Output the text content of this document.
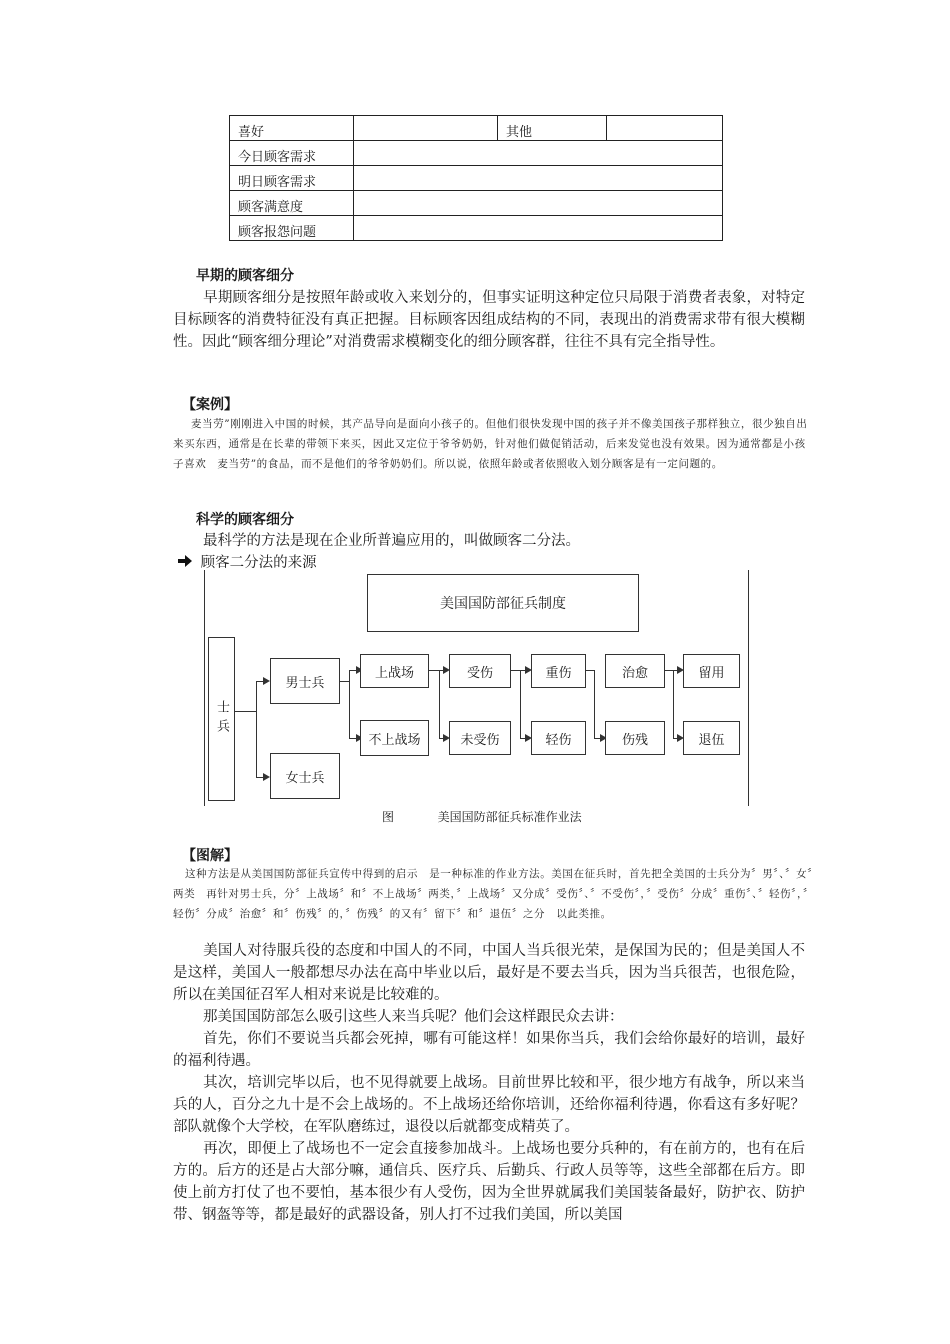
喜好		其他	
今日顾客需求			
明日顾客需求			
顾客满意度			
顾客报怨问题			
早期的顾客细分
早期顾客细分是按照年龄或收入来划分的，但事实证明这种定位只局限于消费者表象，对特定目标顾客的消费特征没有真正把握。目标顾客因组成结构的不同，表现出的消费需求带有很大模糊性。因此“顾客细分理论”对消费需求模糊变化的细分顾客群，往往不具有完全指导性。
【案例】
麦当劳”刚刚进入中国的时候，其产品导向是面向小孩子的。但他们很快发现中国的孩子并不像美国孩子那样独立，很少独自出来买东西，通常是在长辈的带领下来买，因此又定位于爷爷奶奶，针对他们做促销活动，后来发觉也没有效果。因为通常都是小孩子喜欢　麦当劳”的食品，而不是他们的爷爷奶奶们。所以说，依照年龄或者依照收入划分顾客是有一定问题的。
科学的顾客细分
最科学的方法是现在企业所普遍应用的，叫做顾客二分法。
顾客二分法的来源
美国国防部征兵制度
士兵
男士兵
女士兵
上战场
不上战场
受伤
未受伤
重伤
轻伤
治愈
伤残
留用
退伍
图	美国国防部征兵标准作业法
【图解】
这种方法是从美国国防部征兵宣传中得到的启示　是一种标准的作业方法。美国在征兵时，首先把全美国的士兵分为〞男〞、〞女〞两类　再针对男士兵，分〞上战场〞和〞不上战场〞两类，〞上战场〞又分成〞受伤〞、〞不受伤〞，〞受伤〞分成〞重伤〞、〞轻伤〞，〞轻伤〞分成〞治愈〞和〞伤残〞的，〞伤残〞的又有〞留下〞和〞退伍〞之分　以此类推。
美国人对待服兵役的态度和中国人的不同，中国人当兵很光荣，是保国为民的；但是美国人不是这样，美国人一般都想尽办法在高中毕业以后，最好是不要去当兵，因为当兵很苦，也很危险，所以在美国征召军人相对来说是比较难的。
那美国国防部怎么吸引这些人来当兵呢？他们会这样跟民众去讲：
首先，你们不要说当兵都会死掉，哪有可能这样！如果你当兵，我们会给你最好的培训，最好的福利待遇。
其次，培训完毕以后，也不见得就要上战场。目前世界比较和平，很少地方有战争，所以来当兵的人，百分之九十是不会上战场的。不上战场还给你培训，还给你福利待遇，你看这有多好呢？部队就像个大学校，在军队磨练过，退役以后就都变成精英了。
再次，即便上了战场也不一定会直接参加战斗。上战场也要分兵种的，有在前方的，也有在后方的。后方的还是占大部分嘛，通信兵、医疗兵、后勤兵、行政人员等等，这些全部都在后方。即使上前方打仗了也不要怕，基本很少有人受伤，因为全世界就属我们美国装备最好，防护衣、防护带、钢盔等等，都是最好的武器设备，别人打不过我们美国，所以美国
